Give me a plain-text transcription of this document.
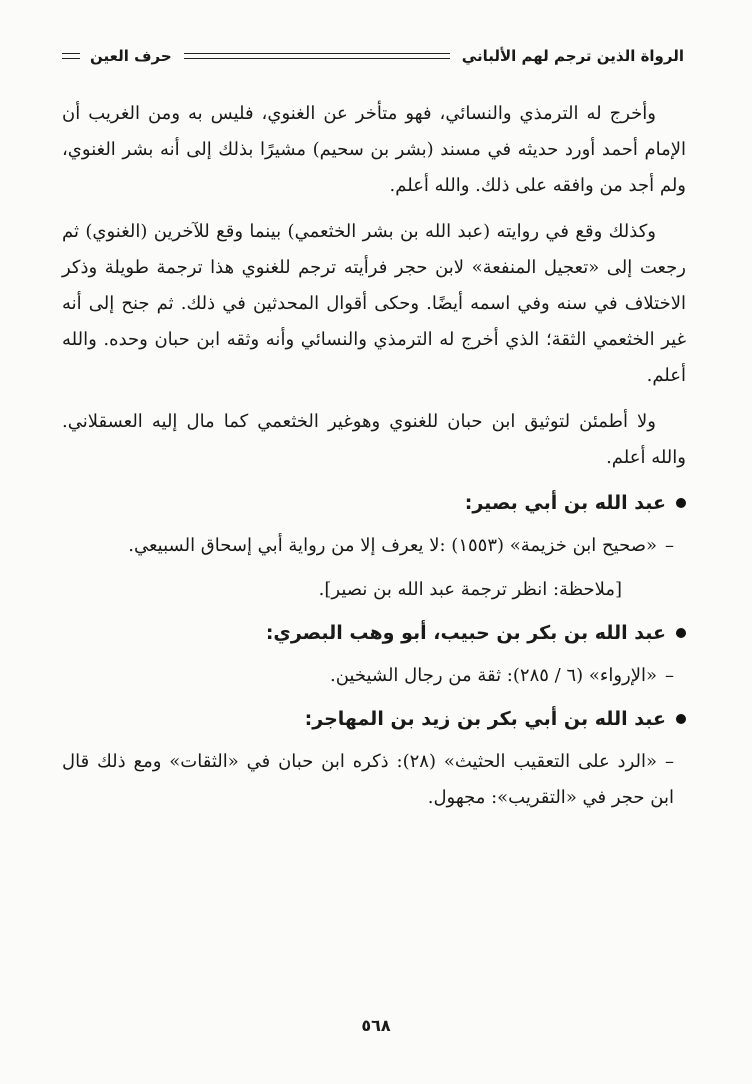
الرواة الذين ترجم لهم الألباني
حرف العين

وأخرج له الترمذي والنسائي، فهو متأخر عن الغنوي، فليس به ومن الغريب أن الإمام أحمد أورد حديثه في مسند (بشر بن سحيم) مشيرًا بذلك إلى أنه بشر الغنوي، ولم أجد من وافقه على ذلك. والله أعلم.

وكذلك وقع في روايته (عبد الله بن بشر الخثعمي) بينما وقع للآخرين (الغنوي) ثم رجعت إلى «تعجيل المنفعة» لابن حجر فرأيته ترجم للغنوي هذا ترجمة طويلة وذكر الاختلاف في سنه وفي اسمه أيضًا. وحكى أقوال المحدثين في ذلك. ثم جنح إلى أنه غير الخثعمي الثقة؛ الذي أخرج له الترمذي والنسائي وأنه وثقه ابن حبان وحده. والله أعلم.

ولا أطمئن لتوثيق ابن حبان للغنوي وهوغير الخثعمي كما مال إليه العسقلاني. والله أعلم.

عبد الله بن أبي بصير:

–«صحيح ابن خزيمة» (١٥٥٣) :لا يعرف إلا من رواية أبي إسحاق السبيعي.

[ملاحظة: انظر ترجمة عبد الله بن نصير].

عبد الله بن بكر بن حبيب، أبو وهب البصري:

–«الإرواء» (٦ / ٢٨٥): ثقة من رجال الشيخين.

عبد الله بن أبي بكر بن زيد بن المهاجر:

–«الرد على التعقيب الحثيث» (٢٨): ذكره ابن حبان في «الثقات» ومع ذلك قال ابن حجر في «التقريب»: مجهول.

٥٦٨
